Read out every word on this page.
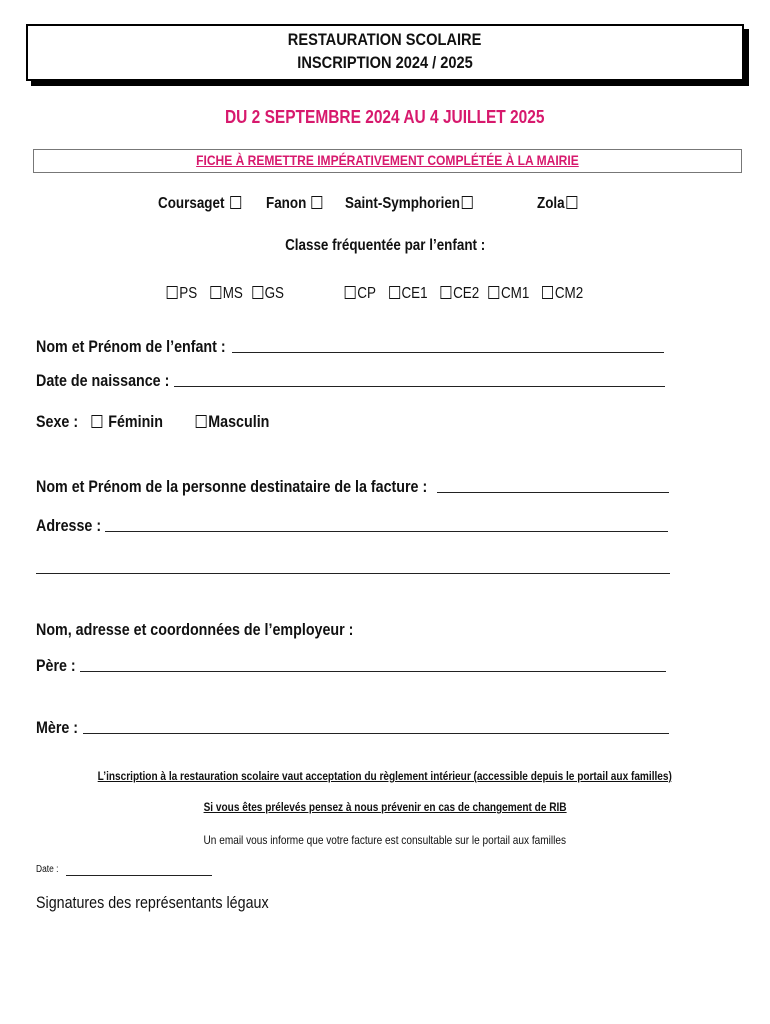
RESTAURATION SCOLAIRE
INSCRIPTION 2024 / 2025
DU 2 SEPTEMBRE 2024 AU 4 JUILLET 2025
FICHE À REMETTRE IMPÉRATIVEMENT COMPLÉTÉE À LA MAIRIE
Coursaget	Fanon	Saint-Symphorien	Zola
Classe fréquentée par l’enfant :
PS MS GS	CP CE1 CE2 CM1 CM2
Nom et Prénom de l’enfant :
Date de naissance :
Sexe : Féminin	Masculin
Nom et Prénom de la personne destinataire de la facture :
Adresse :
Nom, adresse et coordonnées de l’employeur :
Père :
Mère :
L’inscription à la restauration scolaire vaut acceptation du règlement intérieur (accessible depuis le portail aux familles)
Si vous êtes prélevés pensez à nous prévenir en cas de changement de RIB
Un email vous informe que votre facture est consultable sur le portail aux familles
Date :
Signatures des représentants légaux
